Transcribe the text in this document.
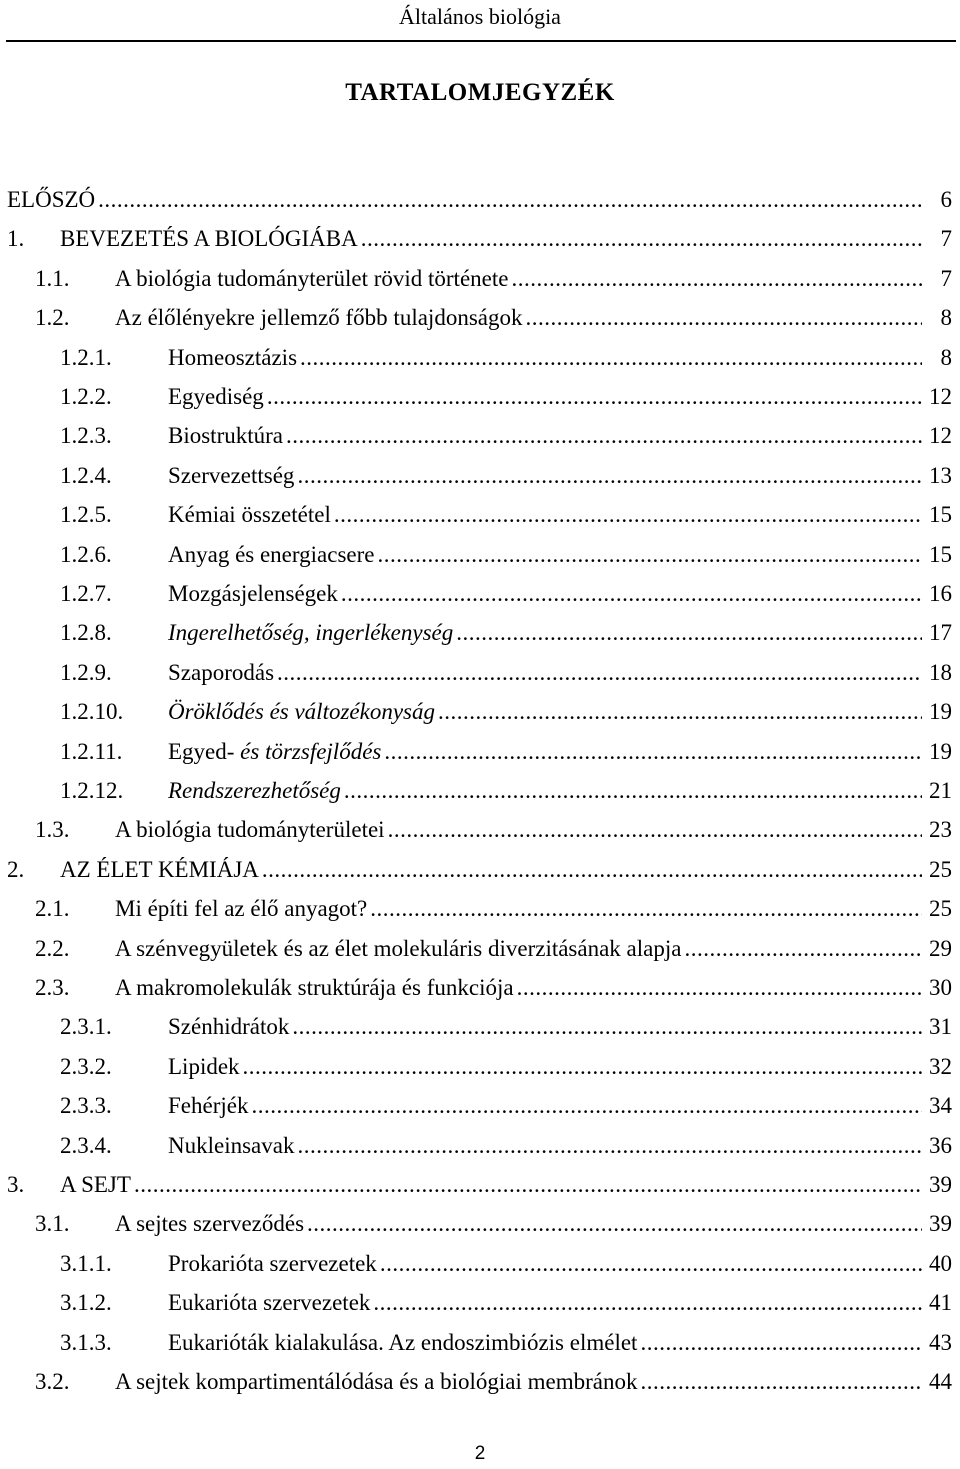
Általános biológia
TARTALOMJEGYZÉK
ELŐSZÓ .....	6
1. BEVEZETÉS A BIOLÓGIÁBA .....	7
1.1. A biológia tudományterület rövid története .....	7
1.2. Az élőlényekre jellemző főbb tulajdonságok .....	8
1.2.1. Homeosztázis .....	8
1.2.2. Egyediség .....	12
1.2.3. Biostruktúra .....	12
1.2.4. Szervezettség .....	13
1.2.5. Kémiai összetétel .....	15
1.2.6. Anyag és energiacsere .....	15
1.2.7. Mozgásjelenségek .....	16
1.2.8. Ingerelhetőség, ingerlékenység .....	17
1.2.9. Szaporodás .....	18
1.2.10. Öröklődés és változékonyság .....	19
1.2.11. Egyed- és törzsfejlődés .....	19
1.2.12. Rendszerezhetőség .....	21
1.3. A biológia tudományterületei .....	23
2. AZ ÉLET KÉMIÁJA .....	25
2.1. Mi építi fel az élő anyagot? .....	25
2.2. A szénvegyületek és az élet molekuláris diverzitásának alapja .....	29
2.3. A makromolekulák struktúrája és funkciója .....	30
2.3.1. Szénhidrátok .....	31
2.3.2. Lipidek .....	32
2.3.3. Fehérjék .....	34
2.3.4. Nukleinsavak .....	36
3. A SEJT .....	39
3.1. A sejtes szerveződés .....	39
3.1.1. Prokarióta szervezetek .....	40
3.1.2. Eukarióta szervezetek .....	41
3.1.3. Eukarióták kialakulása. Az endoszimbiózis elmélet .....	43
3.2. A sejtek kompartimentálódása és a biológiai membránok .....	44
2
